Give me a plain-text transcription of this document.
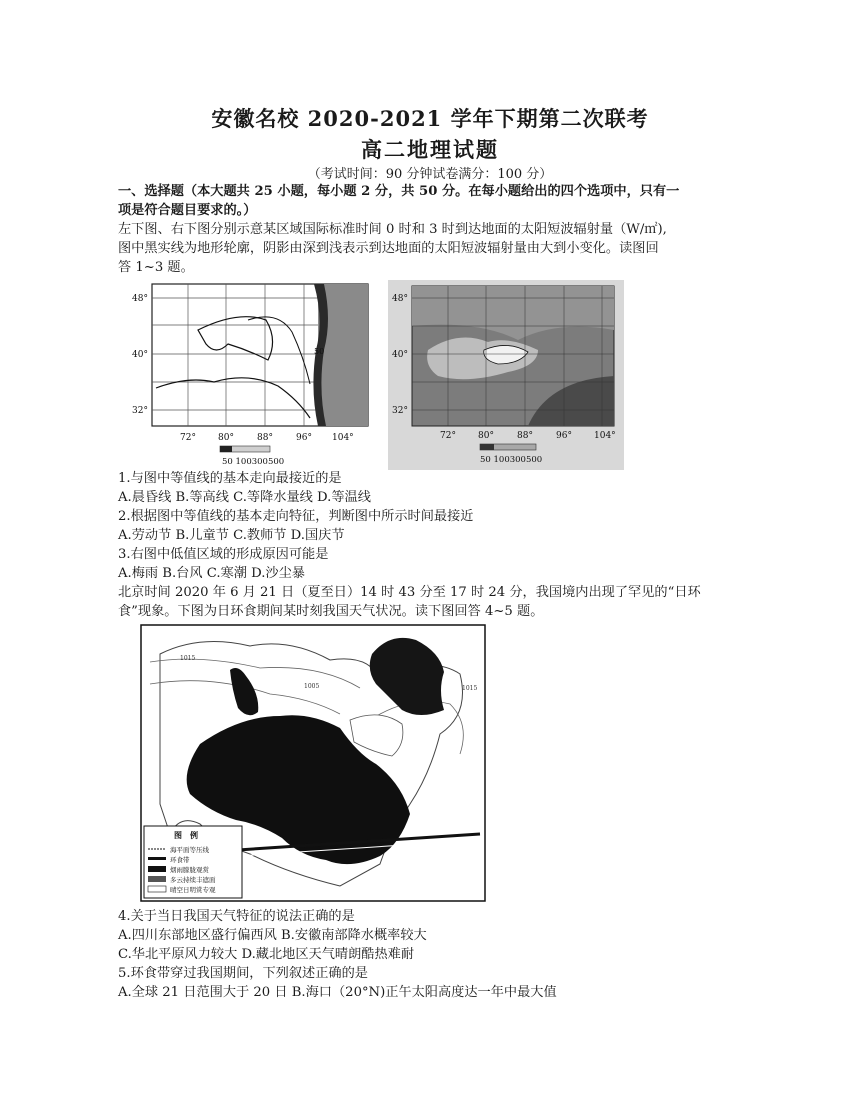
安徽名校 2020-2021 学年下期第二次联考
高二地理试题
（考试时间：90 分钟试卷满分：100 分）
一、选择题（本大题共 25 小题，每小题 2 分，共 50 分。在每小题给出的四个选项中，只有一
项是符合题目要求的。）
左下图、右下图分别示意某区域国际标准时间 0 时和 3 时到达地面的太阳短波辐射量（W/㎡),
图中黑实线为地形轮廓，阴影由深到浅表示到达地面的太阳短波辐射量由大到小变化。读图回
答 1~3 题。
50
48°
40°
32°
72° 80°	88°	96° 104°
50 100300500
48°
40°
32°
72° 80°	88°	96° 104°
50 100300500
1.与图中等值线的基本走向最接近的是
A.晨昏线 B.等高线 C.等降水量线 D.等温线
2.根据图中等值线的基本走向特征，判断图中所示时间最接近
A.劳动节 B.儿童节 C.教师节 D.国庆节
3.右图中低值区域的形成原因可能是
A.梅雨 B.台风 C.寒潮 D.沙尘暴
北京时间 2020 年 6 月 21 日（夏至日）14 时 43 分至 17 时 24 分，我国境内出现了罕见的“日环
食”现象。下图为日环食期间某时刻我国天气状况。读下图回答 4~5 题。
1015
1005	1015
图　例
海平面等压线
环食带
烟雨朦胧观赏
多云持续丰遮面
晴空日明赏专观
4.关于当日我国天气特征的说法正确的是
A.四川东部地区盛行偏西风 B.安徽南部降水概率较大
C.华北平原风力较大 D.藏北地区天气晴朗酷热难耐
5.环食带穿过我国期间，下列叙述正确的是
A.全球 21 日范围大于 20 日 B.海口（20°N)正午太阳高度达一年中最大值
